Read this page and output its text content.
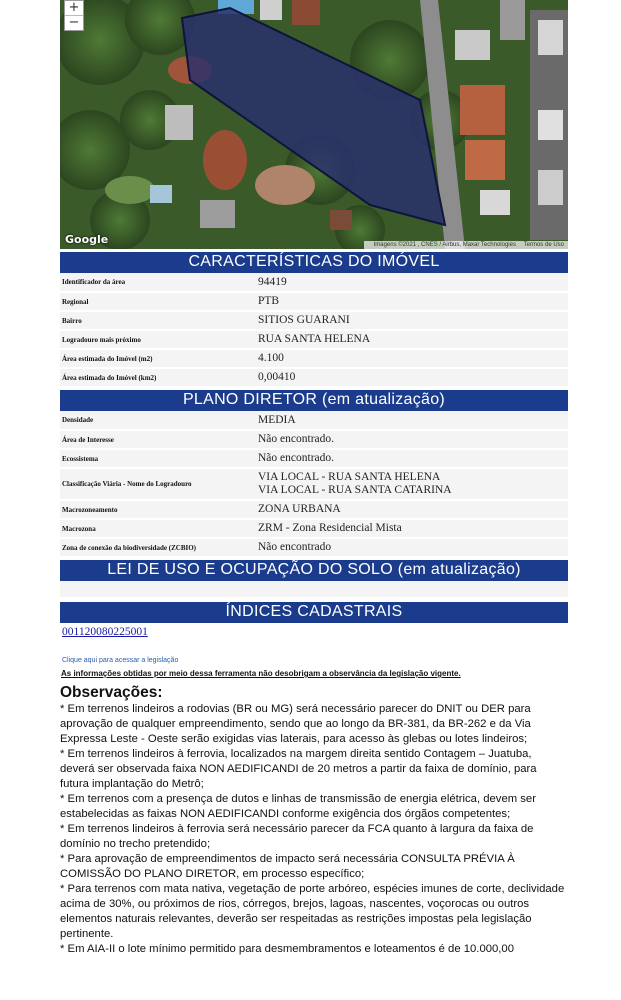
+
−
Google	Imagens ©2021 , CNES / Airbus, Maxar Technologies Termos de Uso
CARACTERÍSTICAS DO IMÓVEL
Identificador da área	94419
Regional	PTB
Bairro	SITIOS GUARANI
Logradouro mais próximo	RUA SANTA HELENA
Área estimada do Imóvel (m2)	4.100
Área estimada do Imóvel (km2)	0,00410
PLANO DIRETOR (em atualização)
Densidade	MEDIA
Área de Interesse	Não encontrado.
Ecossistema	Não encontrado.
Classificação Viária - Nome do Logradouro	VIA LOCAL - RUA SANTA HELENA
VIA LOCAL - RUA SANTA CATARINA

Macrozoneamento	ZONA URBANA
Macrozona	ZRM - Zona Residencial Mista
Zona de conexão da biodiversidade (ZCBIO)	Não encontrado
LEI DE USO E OCUPAÇÃO DO SOLO (em atualização)
ÍNDICES CADASTRAIS
001120080225001
Clique aqui para acessar a legislação
As informações obtidas por meio dessa ferramenta não desobrigam a observância da legislação vigente.
Observações:

* Em terrenos lindeiros a rodovias (BR ou MG) será necessário parecer do DNIT ou DER para aprovação de qualquer empreendimento, sendo que ao longo da BR-381, da BR-262 e da Via Expressa Leste - Oeste serão exigidas vias laterais, para acesso às glebas ou lotes lindeiros;

* Em terrenos lindeiros à ferrovia, localizados na margem direita sentido Contagem – Juatuba, deverá ser observada faixa NON AEDIFICANDI de 20 metros a partir da faixa de domínio, para futura implantação do Metrô;

* Em terrenos com a presença de dutos e linhas de transmissão de energia elétrica, devem ser estabelecidas as faixas NON AEDIFICANDI conforme exigência dos órgãos competentes;

* Em terrenos lindeiros à ferrovia será necessário parecer da FCA quanto à largura da faixa de domínio no trecho pretendido;

* Para aprovação de empreendimentos de impacto será necessária CONSULTA PRÉVIA À COMISSÃO DO PLANO DIRETOR, em processo específico;

* Para terrenos com mata nativa, vegetação de porte arbóreo, espécies imunes de corte, declividade acima de 30%, ou próximos de rios, córregos, brejos, lagoas, nascentes, voçorocas ou outros elementos naturais relevantes, deverão ser respeitadas as restrições impostas pela legislação pertinente.

* Em AIA-II o lote mínimo permitido para desmembramentos e loteamentos é de 10.000,00
